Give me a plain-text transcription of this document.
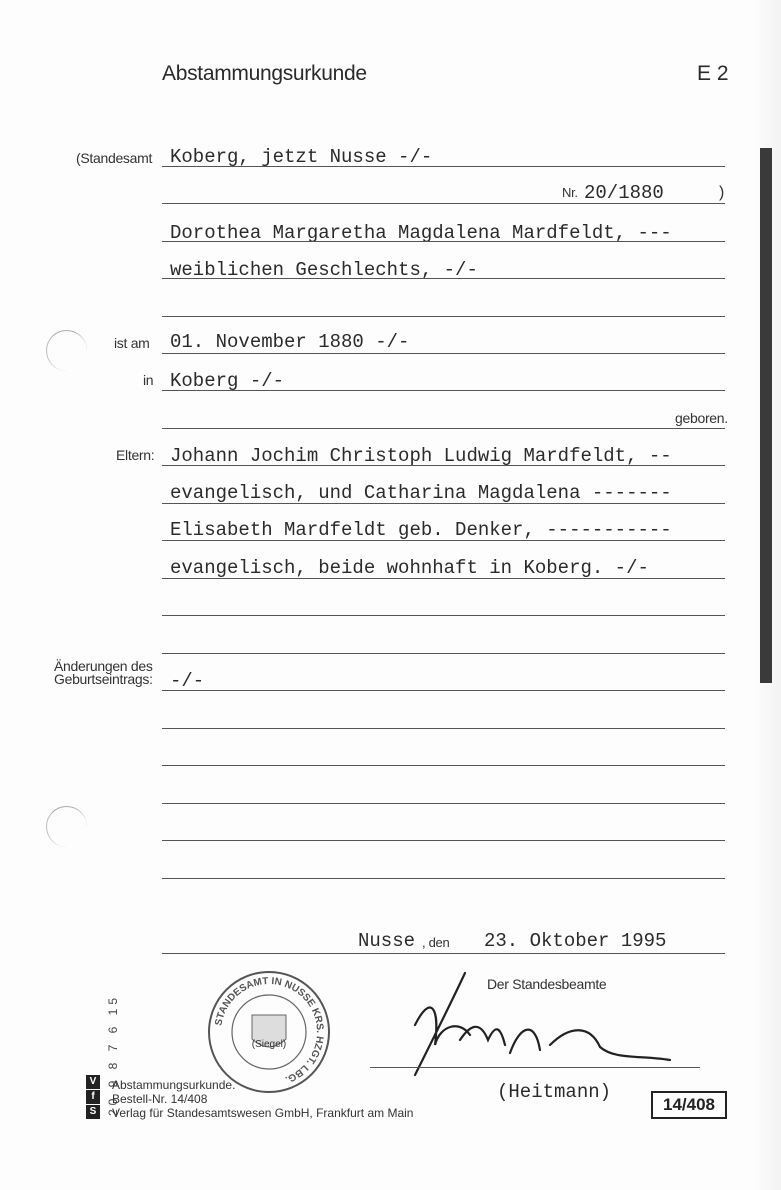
Abstammungsurkunde	E 2
(Standesamt Koberg, jetzt Nusse -/-
Nr. 20/1880	)
Dorothea Margaretha Magdalena Mardfeldt, ---
weiblichen Geschlechts, -/-
ist am 01. November 1880 -/-
in Koberg -/-
geboren.
Eltern: Johann Jochim Christoph Ludwig Mardfeldt, --
evangelisch, und Catharina Magdalena -------
Elisabeth Mardfeldt geb. Denker, -----------
evangelisch, beide wohnhaft in Koberg. -/-
Änderungen des
Geburtseintrags: -/-
Nusse , den 23. Oktober 1995
STANDESAMT IN NUSSE KRS. HZGT. LBG.
(Siegel)
Der Standesbeamte
(Heitmann)
20 9 8 7 6 15
V
f
S
Abstammungsurkunde.
Bestell-Nr. 14/408
Verlag für Standesamtswesen GmbH, Frankfurt am Main	14/408
